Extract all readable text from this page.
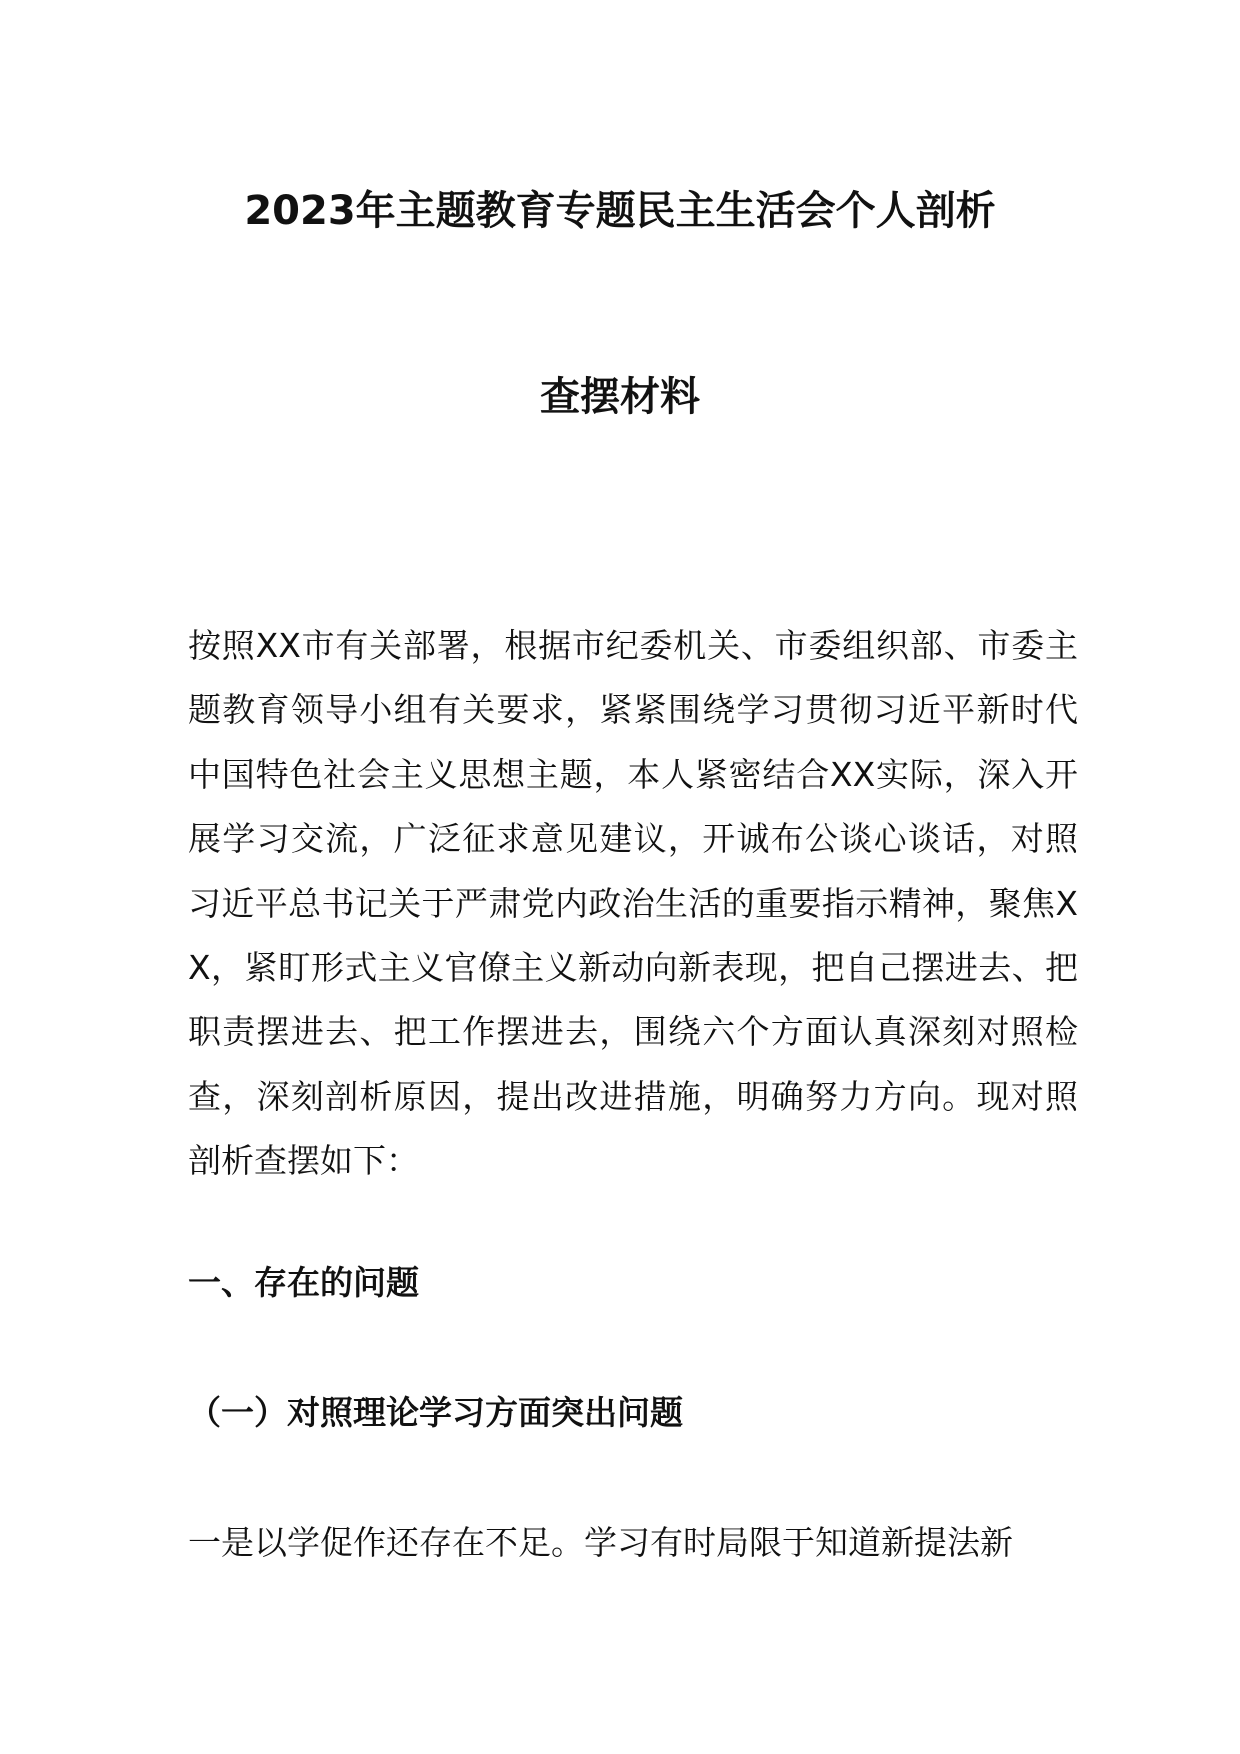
2023年主题教育专题民主生活会个人剖析
查摆材料

按照XX市有关部署，根据市纪委机关、市委组织部、市委主题教育领导小组有关要求，紧紧围绕学习贯彻习近平新时代中国特色社会主义思想主题，本人紧密结合XX实际，深入开展学习交流，广泛征求意见建议，开诚布公谈心谈话，对照习近平总书记关于严肃党内政治生活的重要指示精神，聚焦XX，紧盯形式主义官僚主义新动向新表现，把自己摆进去、把职责摆进去、把工作摆进去，围绕六个方面认真深刻对照检查，深刻剖析原因，提出改进措施，明确努力方向。现对照剖析查摆如下：

一、存在的问题
（一）对照理论学习方面突出问题

一是以学促作还存在不足。学习有时局限于知道新提法新
